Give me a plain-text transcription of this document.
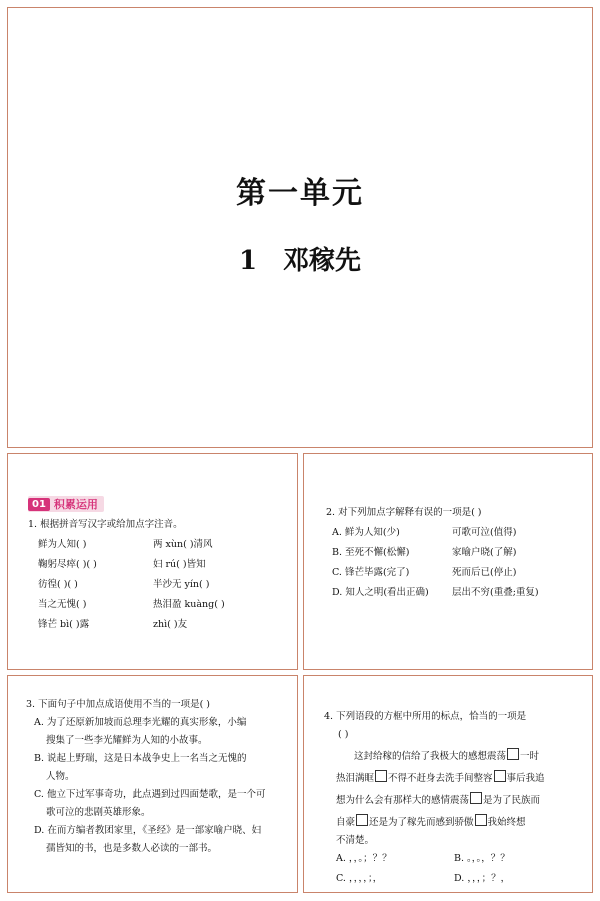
第一单元
1 邓稼先
01 积累运用
1. 根据拼音写汉字或给加点字注音。
鲜为人知( )	两 xùn( )清风
鞠躬尽瘁( )( )	妇 rú( )皆知
彷徨( )( )	半沙无 yín( )
当之无愧( )	热泪盈 kuàng( )
锋芒 bì( )露	zhì( )友
2. 对下列加点字解释有误的一项是( )
A. 鲜为人知(少)	可歌可泣(值得)
B. 至死不懈(松懈)	家喻户晓(了解)
C. 锋芒毕露(完了)	死而后已(停止)
D. 知人之明(看出正确) 层出不穷(重叠;重复)
3. 下面句子中加点成语使用不当的一项是( )
A. 为了还原新加坡而总理李光耀的真实形象，小编
搜集了一些李光耀鲜为人知的小故事。
B. 说起上野瑞，这是日本战争史上一名当之无愧的
人物。
C. 他立下过军事奇功，此点遇到过四面楚歌，是一个可
歌可泣的悲剧英雄形象。
D. 在而方编者教团家里，《圣经》是一部家喻户晓、妇
孺皆知的书，也是多数人必读的一部书。
4. 下列语段的方框中所用的标点，恰当的一项是
( )
这封给稼的信给了我极大的感想震荡 一时
热泪满眶 不得不赶身去洗手间整容 事后我追
想为什么会有那样大的感情震荡 是为了民族而
自豪 还是为了稼先而感到骄傲 我始终想
不清楚。
A. ，，。；？？	B. 。，。，？？
C. ，，，，；，	D. ，，，；？，
